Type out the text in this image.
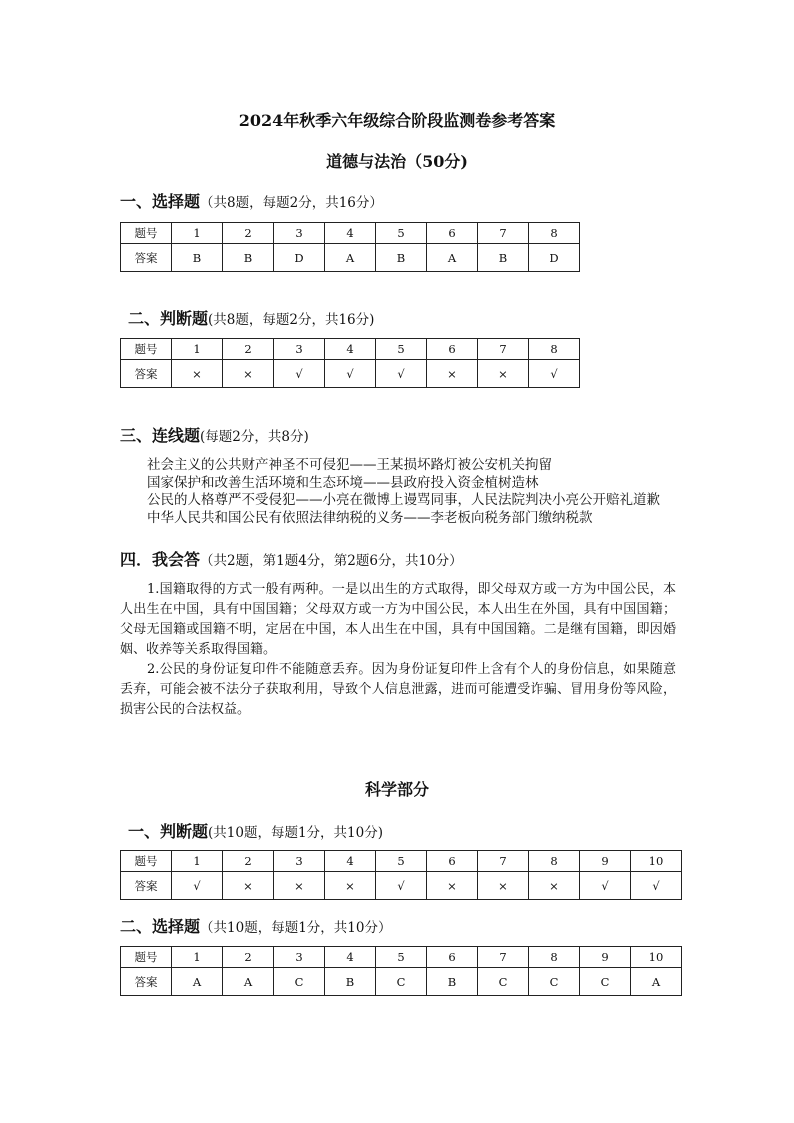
2024年秋季六年级综合阶段监测卷参考答案
道德与法治（50分)
一、选择题（共8题，每题2分，共16分）
题号	1	2	3	4	5	6	7	8
答案	B	B	D	A	B	A	B	D
二、判断题(共8题，每题2分，共16分)
题号	1	2	3	4	5	6	7	8
答案	×	×	√	√	√	×	×	√
三、连线题(每题2分，共8分)
社会主义的公共财产神圣不可侵犯——王某损坏路灯被公安机关拘留
国家保护和改善生活环境和生态环境——县政府投入资金植树造林
公民的人格尊严不受侵犯——小亮在微博上谩骂同事，人民法院判决小亮公开赔礼道歉
中华人民共和国公民有依照法律纳税的义务——李老板向税务部门缴纳税款
四．我会答（共2题，第1题4分，第2题6分，共10分）

1.国籍取得的方式一般有两种。一是以出生的方式取得，即父母双方或一方为中国公民，本人出生在中国，具有中国国籍；父母双方或一方为中国公民，本人出生在外国，具有中国国籍；父母无国籍或国籍不明，定居在中国，本人出生在中国，具有中国国籍。二是继有国籍，即因婚姻、收养等关系取得国籍。

2.公民的身份证复印件不能随意丢弃。因为身份证复印件上含有个人的身份信息，如果随意丢弃，可能会被不法分子获取利用，导致个人信息泄露，进而可能遭受诈骗、冒用身份等风险，损害公民的合法权益。

科学部分
一、判断题(共10题，每题1分，共10分)
题号	1	2	3	4	5	6	7	8	9	10
答案	√	×	×	×	√	×	×	×	√	√
二、选择题（共10题，每题1分，共10分）
题号	1	2	3	4	5	6	7	8	9	10
答案	A	A	C	B	C	B	C	C	C	A
